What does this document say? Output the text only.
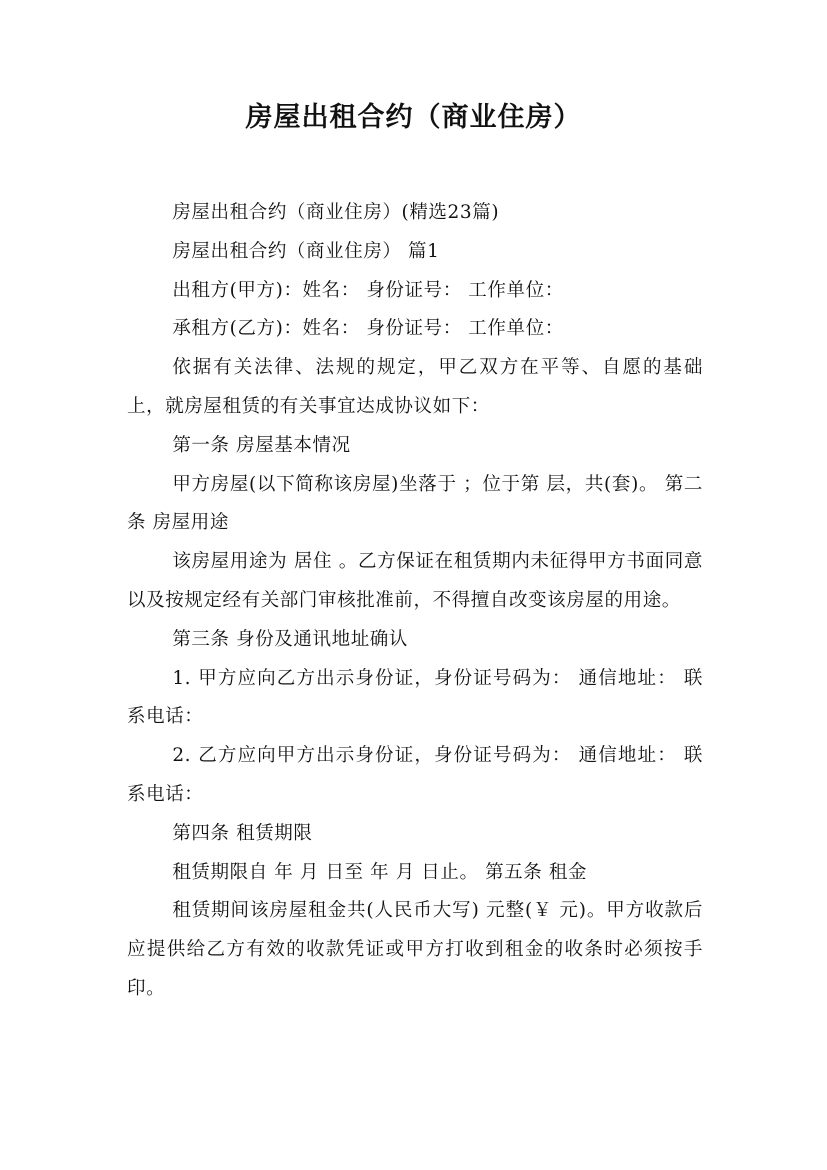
房屋出租合约（商业住房）

房屋出租合约（商业住房）(精选23篇)

房屋出租合约（商业住房） 篇1

出租方(甲方)：姓名： 身份证号： 工作单位：

承租方(乙方)：姓名： 身份证号： 工作单位：

依据有关法律、法规的规定，甲乙双方在平等、自愿的基础上，就房屋租赁的有关事宜达成协议如下：

第一条 房屋基本情况

甲方房屋(以下简称该房屋)坐落于 ；位于第 层，共(套)。 第二条 房屋用途

该房屋用途为 居住 。乙方保证在租赁期内未征得甲方书面同意以及按规定经有关部门审核批准前，不得擅自改变该房屋的用途。

第三条 身份及通讯地址确认

1. 甲方应向乙方出示身份证，身份证号码为： 通信地址： 联系电话：

2. 乙方应向甲方出示身份证，身份证号码为： 通信地址： 联系电话：

第四条 租赁期限

租赁期限自 年 月 日至 年 月 日止。 第五条 租金

租赁期间该房屋租金共(人民币大写) 元整(￥ 元)。甲方收款后应提供给乙方有效的收款凭证或甲方打收到租金的收条时必须按手印。
